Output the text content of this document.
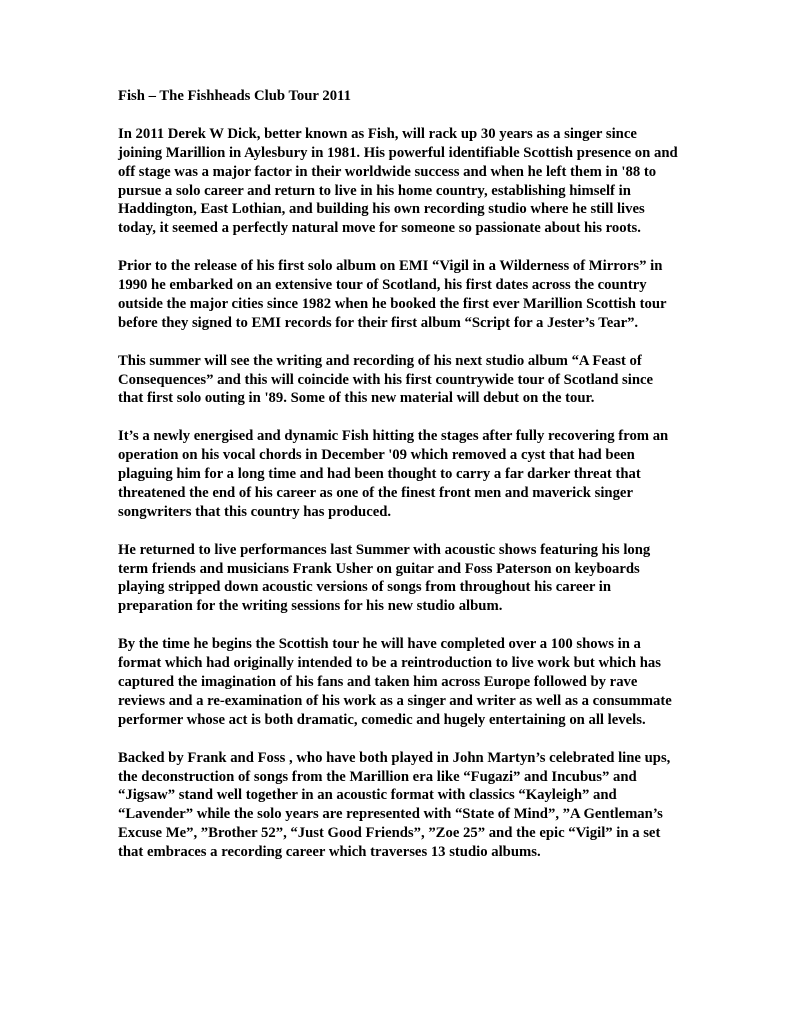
Fish – The Fishheads Club Tour 2011

In 2011 Derek W Dick, better known as Fish, will rack up 30 years as a singer since joining Marillion in Aylesbury in 1981. His powerful identifiable Scottish presence on and off stage was a major factor in their worldwide success and when he left them in '88 to pursue a solo career and return to live in his home country, establishing himself in Haddington, East Lothian, and building his own recording studio where he still lives today, it seemed a perfectly natural move for someone so passionate about his roots.

Prior to the release of his first solo album on EMI “Vigil in a Wilderness of Mirrors” in 1990 he embarked on an extensive tour of Scotland, his first dates across the country outside the major cities since 1982 when he booked the first ever Marillion Scottish tour before they signed to EMI records for their first album “Script for a Jester’s Tear”.

This summer will see the writing and recording of his next studio album “A Feast of Consequences” and this will coincide with his first countrywide tour of Scotland since that first solo outing in '89. Some of this new material will debut on the tour.

It’s a newly energised and dynamic Fish hitting the stages after fully recovering from an operation on his vocal chords in December '09 which removed a cyst that had been plaguing him for a long time and had been thought to carry a far darker threat that threatened the end of his career as one of the finest front men and maverick singer songwriters that this country has produced.

He returned to live performances last Summer with acoustic shows featuring his long term friends and musicians Frank Usher on guitar and Foss Paterson on keyboards playing stripped down acoustic versions of songs from throughout his career in preparation for the writing sessions for his new studio album.

By the time he begins the Scottish tour he will have completed over a 100 shows in a format which had originally intended to be a reintroduction to live work but which has captured the imagination of his fans and taken him across Europe followed by rave reviews and a re-examination of his work as a singer and writer as well as a consummate performer whose act is both dramatic, comedic and hugely entertaining on all levels.

Backed by Frank and Foss , who have both played in John Martyn’s celebrated line ups, the deconstruction of songs from the Marillion era like “Fugazi” and Incubus” and “Jigsaw” stand well together in an acoustic format with classics “Kayleigh” and “Lavender” while the solo years are represented with “State of Mind”, ”A Gentleman’s Excuse Me”, ”Brother 52”, “Just Good Friends”, ”Zoe 25” and the epic “Vigil” in a set that embraces a recording career which traverses 13 studio albums.
